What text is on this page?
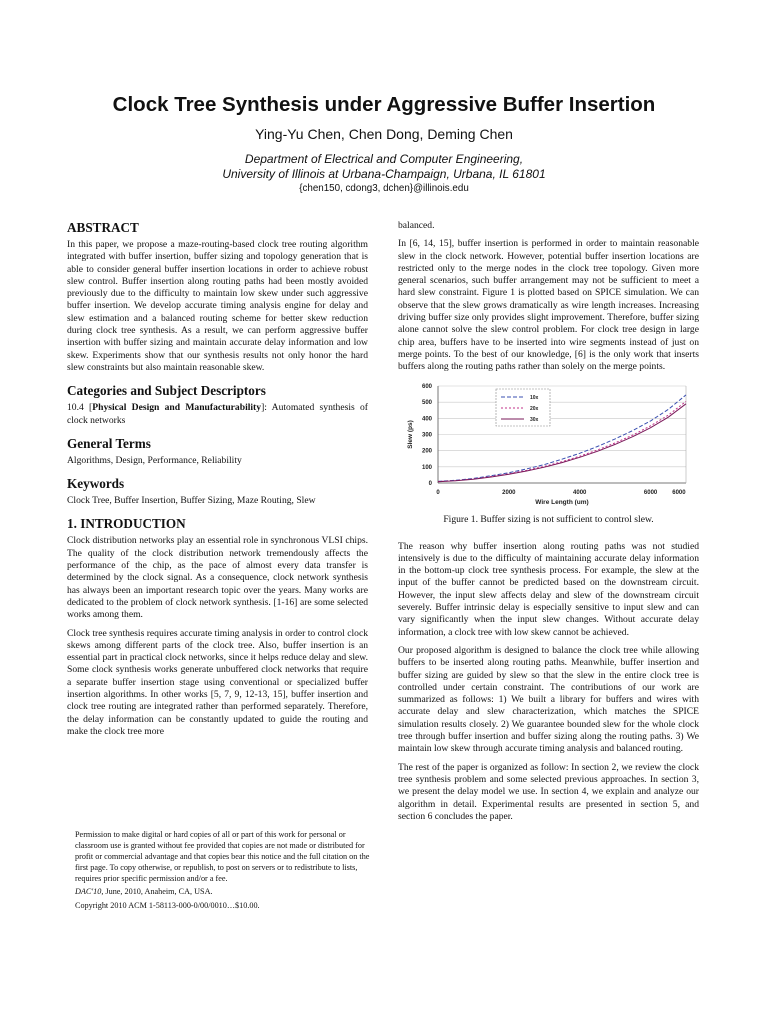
Clock Tree Synthesis under Aggressive Buffer Insertion

Ying-Yu Chen, Chen Dong, Deming Chen

Department of Electrical and Computer Engineering,
University of Illinois at Urbana-Champaign, Urbana, IL 61801

{chen150, cdong3, dchen}@illinois.edu

ABSTRACT

In this paper, we propose a maze-routing-based clock tree routing algorithm integrated with buffer insertion, buffer sizing and topology generation that is able to consider general buffer insertion locations in order to achieve robust slew control. Buffer insertion along routing paths had been mostly avoided previously due to the difficulty to maintain low skew under such aggressive buffer insertion. We develop accurate timing analysis engine for delay and slew estimation and a balanced routing scheme for better skew reduction during clock tree synthesis. As a result, we can perform aggressive buffer insertion with buffer sizing and maintain accurate delay information and low skew. Experiments show that our synthesis results not only honor the hard slew constraints but also maintain reasonable skew.

Categories and Subject Descriptors

10.4 [Physical Design and Manufacturability]: Automated synthesis of clock networks

General Terms

Algorithms, Design, Performance, Reliability

Keywords

Clock Tree, Buffer Insertion, Buffer Sizing, Maze Routing, Slew

1. INTRODUCTION

Clock distribution networks play an essential role in synchronous VLSI chips. The quality of the clock distribution network tremendously affects the performance of the chip, as the pace of almost every data transfer is determined by the clock signal. As a consequence, clock network synthesis has always been an important research topic over the years. Many works are dedicated to the problem of clock network synthesis. [1-16] are some selected works among them.

Clock tree synthesis requires accurate timing analysis in order to control clock skews among different parts of the clock tree. Also, buffer insertion is an essential part in practical clock networks, since it helps reduce delay and slew. Some clock synthesis works generate unbuffered clock networks that require a separate buffer insertion stage using conventional or specialized buffer insertion algorithms. In other works [5, 7, 9, 12-13, 15], buffer insertion and clock tree routing are integrated rather than performed separately. Therefore, the delay information can be constantly updated to guide the routing and make the clock tree more

Permission to make digital or hard copies of all or part of this work for personal or classroom use is granted without fee provided that copies are not made or distributed for profit or commercial advantage and that copies bear this notice and the full citation on the first page. To copy otherwise, or republish, to post on servers or to redistribute to lists, requires prior specific permission and/or a fee.

DAC'10, June, 2010, Anaheim, CA, USA.

Copyright 2010 ACM 1-58113-000-0/00/0010…$10.00.

balanced.

In [6, 14, 15], buffer insertion is performed in order to maintain reasonable slew in the clock network. However, potential buffer insertion locations are restricted only to the merge nodes in the clock tree topology. Given more general scenarios, such buffer arrangement may not be sufficient to meet a hard slew constraint. Figure 1 is plotted based on SPICE simulation. We can observe that the slew grows dramatically as wire length increases. Increasing driving buffer size only provides slight improvement. Therefore, buffer sizing alone cannot solve the slew control problem. For clock tree design in large chip area, buffers have to be inserted into wire segments instead of just on merge points. To the best of our knowledge, [6] is the only work that inserts buffers along the routing paths rather than solely on the merge points.

0
100
200
300
400
500
600
0	2000	4000	6000 6000
10x
20x
30x
Wire Length (um)
Slew (ps)

Figure 1. Buffer sizing is not sufficient to control slew.

The reason why buffer insertion along routing paths was not studied intensively is due to the difficulty of maintaining accurate delay information in the bottom-up clock tree synthesis process. For example, the slew at the input of the buffer cannot be predicted based on the downstream circuit. However, the input slew affects delay and slew of the downstream circuit severely. Buffer intrinsic delay is especially sensitive to input slew and can vary significantly when the input slew changes. Without accurate delay information, a clock tree with low skew cannot be achieved.

Our proposed algorithm is designed to balance the clock tree while allowing buffers to be inserted along routing paths. Meanwhile, buffer insertion and buffer sizing are guided by slew so that the slew in the entire clock tree is controlled under certain constraint. The contributions of our work are summarized as follows: 1) We built a library for buffers and wires with accurate delay and slew characterization, which matches the SPICE simulation results closely. 2) We guarantee bounded slew for the whole clock tree through buffer insertion and buffer sizing along the routing paths. 3) We maintain low skew through accurate timing analysis and balanced routing.

The rest of the paper is organized as follow: In section 2, we review the clock tree synthesis problem and some selected previous approaches. In section 3, we present the delay model we use. In section 4, we explain and analyze our algorithm in detail. Experimental results are presented in section 5, and section 6 concludes the paper.
